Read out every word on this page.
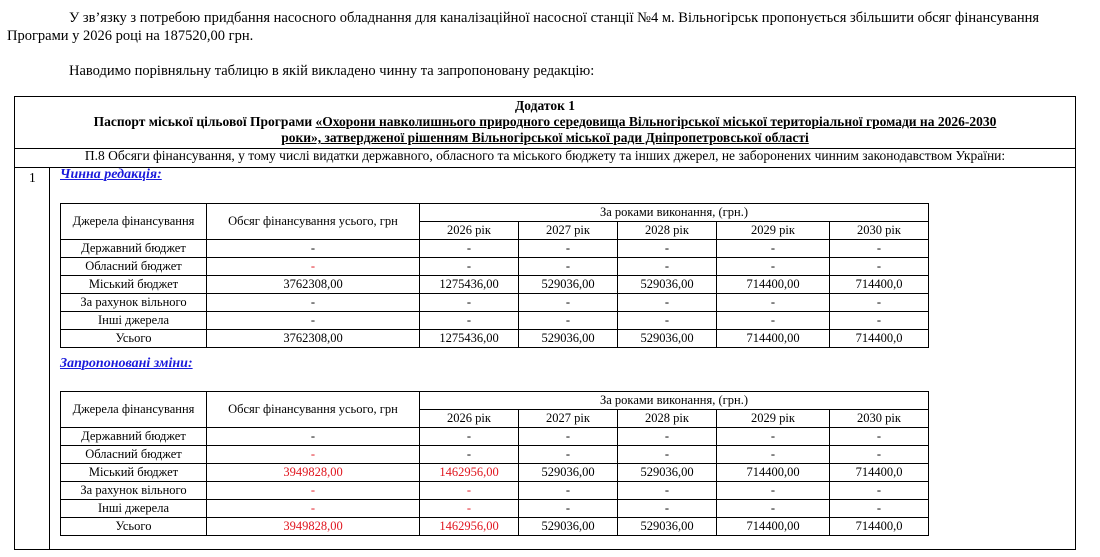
У зв’язку з потребою придбання насосного обладнання для каналізаційної насосної станції №4 м. Вільногірськ пропонується збільшити обсяг фінансування Програми у 2026 році на 187520,00 грн.
Наводимо порівняльну таблицю в якій викладено чинну та запропоновану редакцію:
Додаток 1
Паспорт міської цільової Програми «Охорони навколишнього природного середовища Вільногірської міської територіальної громади на 2026-2030
роки», затвердженої рішенням Вільногірської міської ради Дніпропетровської області
П.8 Обсяги фінансування, у тому числі видатки державного, обласного та міського бюджету та інших джерел, не заборонених чинним законодавством України:
1 Чинна редакція:
Джерела фінансування	Обсяг фінансування усього, грн	За роками виконання, (грн.)				
		2026 рік	2027 рік	2028 рік	2029 рік	2030 рік
Державний бюджет	-	-	-	-	-	-
Обласний бюджет	-	-	-	-	-	-
Міський бюджет	3762308,00	1275436,00	529036,00	529036,00	714400,00	714400,0
За рахунок вільного	-	-	-	-	-	-
Інші джерела	-	-	-	-	-	-
Усього	3762308,00	1275436,00	529036,00	529036,00	714400,00	714400,0
Запропоновані зміни:
Джерела фінансування	Обсяг фінансування усього, грн	За роками виконання, (грн.)				
		2026 рік	2027 рік	2028 рік	2029 рік	2030 рік
Державний бюджет	-	-	-	-	-	-
Обласний бюджет	-	-	-	-	-	-
Міський бюджет	3949828,00	1462956,00	529036,00	529036,00	714400,00	714400,0
За рахунок вільного	-	-	-	-	-	-
Інші джерела	-	-	-	-	-	-
Усього	3949828,00	1462956,00	529036,00	529036,00	714400,00	714400,0
